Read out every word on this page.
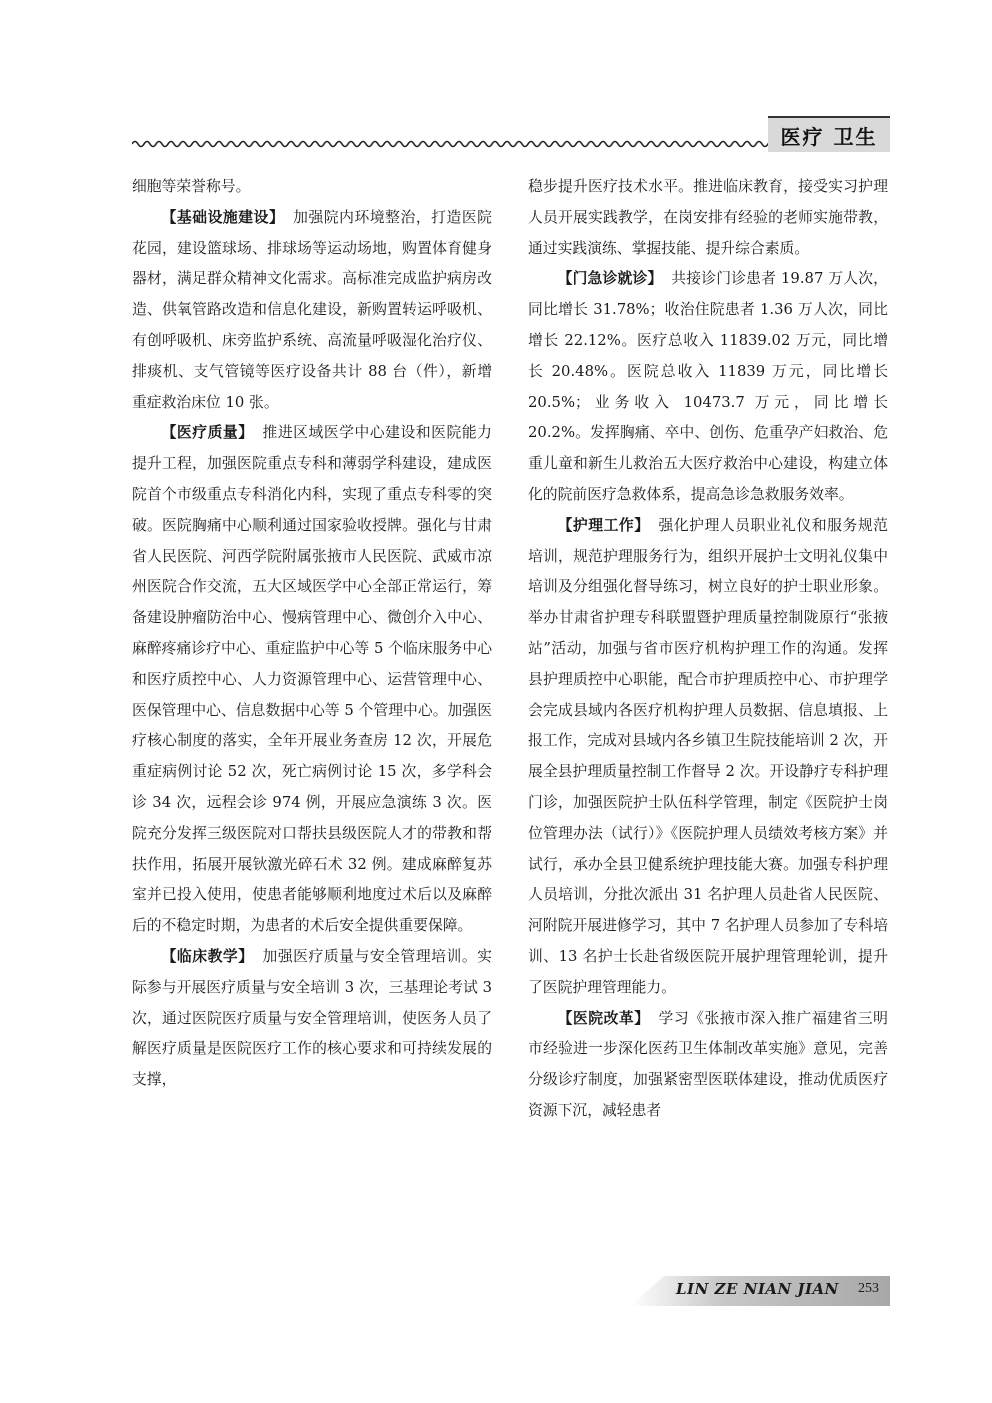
医疗 卫生

细胞等荣誉称号。

【基础设施建设】 加强院内环境整治，打造医院花园，建设篮球场、排球场等运动场地，购置体育健身器材，满足群众精神文化需求。高标准完成监护病房改造、供氧管路改造和信息化建设，新购置转运呼吸机、有创呼吸机、床旁监护系统、高流量呼吸湿化治疗仪、排痰机、支气管镜等医疗设备共计 88 台（件），新增重症救治床位 10 张。

【医疗质量】 推进区域医学中心建设和医院能力提升工程，加强医院重点专科和薄弱学科建设，建成医院首个市级重点专科消化内科，实现了重点专科零的突破。医院胸痛中心顺利通过国家验收授牌。强化与甘肃省人民医院、河西学院附属张掖市人民医院、武威市凉州医院合作交流，五大区域医学中心全部正常运行，筹备建设肿瘤防治中心、慢病管理中心、微创介入中心、麻醉疼痛诊疗中心、重症监护中心等 5 个临床服务中心和医疗质控中心、人力资源管理中心、运营管理中心、医保管理中心、信息数据中心等 5 个管理中心。加强医疗核心制度的落实，全年开展业务查房 12 次，开展危重症病例讨论 52 次，死亡病例讨论 15 次，多学科会诊 34 次，远程会诊 974 例，开展应急演练 3 次。医院充分发挥三级医院对口帮扶县级医院人才的带教和帮扶作用，拓展开展钬激光碎石术 32 例。建成麻醉复苏室并已投入使用，使患者能够顺利地度过术后以及麻醉后的不稳定时期，为患者的术后安全提供重要保障。

【临床教学】 加强医疗质量与安全管理培训。实际参与开展医疗质量与安全培训 3 次，三基理论考试 3 次，通过医院医疗质量与安全管理培训，使医务人员了解医疗质量是医院医疗工作的核心要求和可持续发展的支撑，

稳步提升医疗技术水平。推进临床教育，接受实习护理人员开展实践教学，在岗安排有经验的老师实施带教，通过实践演练、掌握技能、提升综合素质。

【门急诊就诊】 共接诊门诊患者 19.87 万人次，同比增长 31.78%；收治住院患者 1.36 万人次，同比增长 22.12%。医疗总收入 11839.02 万元，同比增长 20.48%。医院总收入 11839 万元，同比增长 20.5%；业务收入 10473.7 万元，同比增长 20.2%。发挥胸痛、卒中、创伤、危重孕产妇救治、危重儿童和新生儿救治五大医疗救治中心建设，构建立体化的院前医疗急救体系，提高急诊急救服务效率。

【护理工作】 强化护理人员职业礼仪和服务规范培训，规范护理服务行为，组织开展护士文明礼仪集中培训及分组强化督导练习，树立良好的护士职业形象。举办甘肃省护理专科联盟暨护理质量控制陇原行“张掖站”活动，加强与省市医疗机构护理工作的沟通。发挥县护理质控中心职能，配合市护理质控中心、市护理学会完成县域内各医疗机构护理人员数据、信息填报、上报工作，完成对县域内各乡镇卫生院技能培训 2 次，开展全县护理质量控制工作督导 2 次。开设静疗专科护理门诊，加强医院护士队伍科学管理，制定《医院护士岗位管理办法（试行）》《医院护理人员绩效考核方案》并试行，承办全县卫健系统护理技能大赛。加强专科护理人员培训，分批次派出 31 名护理人员赴省人民医院、河附院开展进修学习，其中 7 名护理人员参加了专科培训、13 名护士长赴省级医院开展护理管理轮训，提升了医院护理管理能力。

【医院改革】 学习《张掖市深入推广福建省三明市经验进一步深化医药卫生体制改革实施》意见，完善分级诊疗制度，加强紧密型医联体建设，推动优质医疗资源下沉，减轻患者

LIN ZE NIAN JIAN 253
